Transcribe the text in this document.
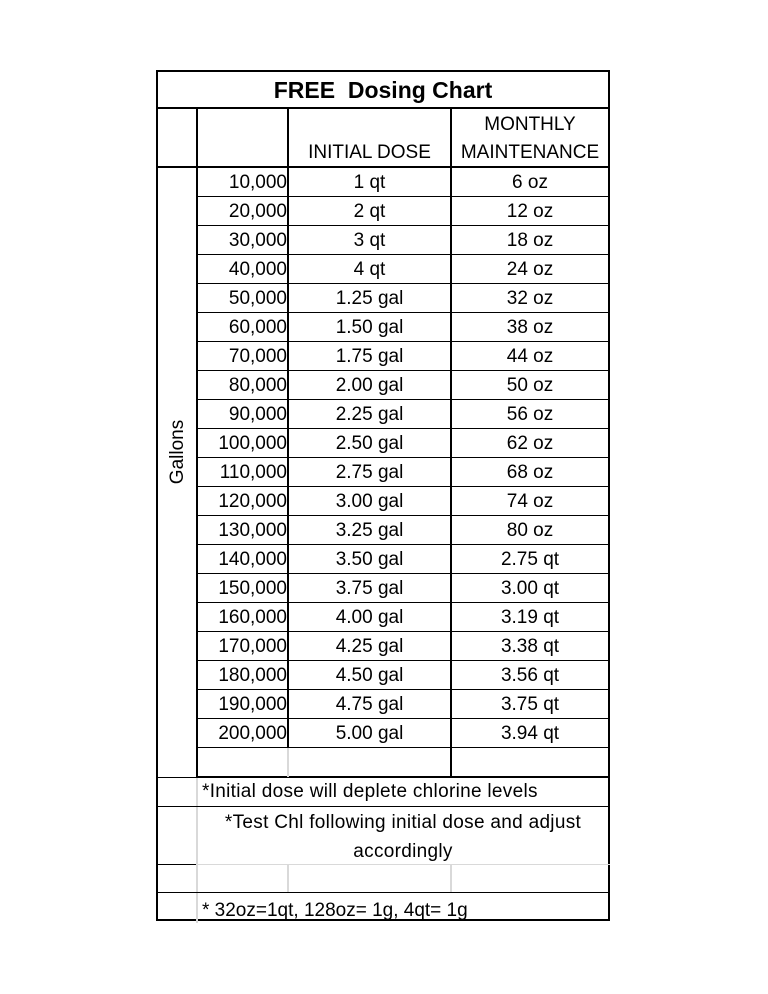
FREE  Dosing Chart
INITIAL DOSE
MONTHLY
MAINTENANCE
Gallons
10,000	1 qt	6 oz
20,000	2 qt	12 oz
30,000	3 qt	18 oz
40,000	4 qt	24 oz
50,000	1.25 gal	32 oz
60,000	1.50 gal	38 oz
70,000	1.75 gal	44 oz
80,000	2.00 gal	50 oz
90,000	2.25 gal	56 oz
100,000	2.50 gal	62 oz
110,000	2.75 gal	68 oz
120,000	3.00 gal	74 oz
130,000	3.25 gal	80 oz
140,000	3.50 gal	2.75 qt
150,000	3.75 gal	3.00 qt
160,000	4.00 gal	3.19 qt
170,000	4.25 gal	3.38 qt
180,000	4.50 gal	3.56 qt
190,000	4.75 gal	3.75 qt
200,000	5.00 gal	3.94 qt
*Initial dose will deplete chlorine levels
*Test Chl following initial dose and adjust
accordingly
* 32oz=1qt, 128oz= 1g, 4qt= 1g
